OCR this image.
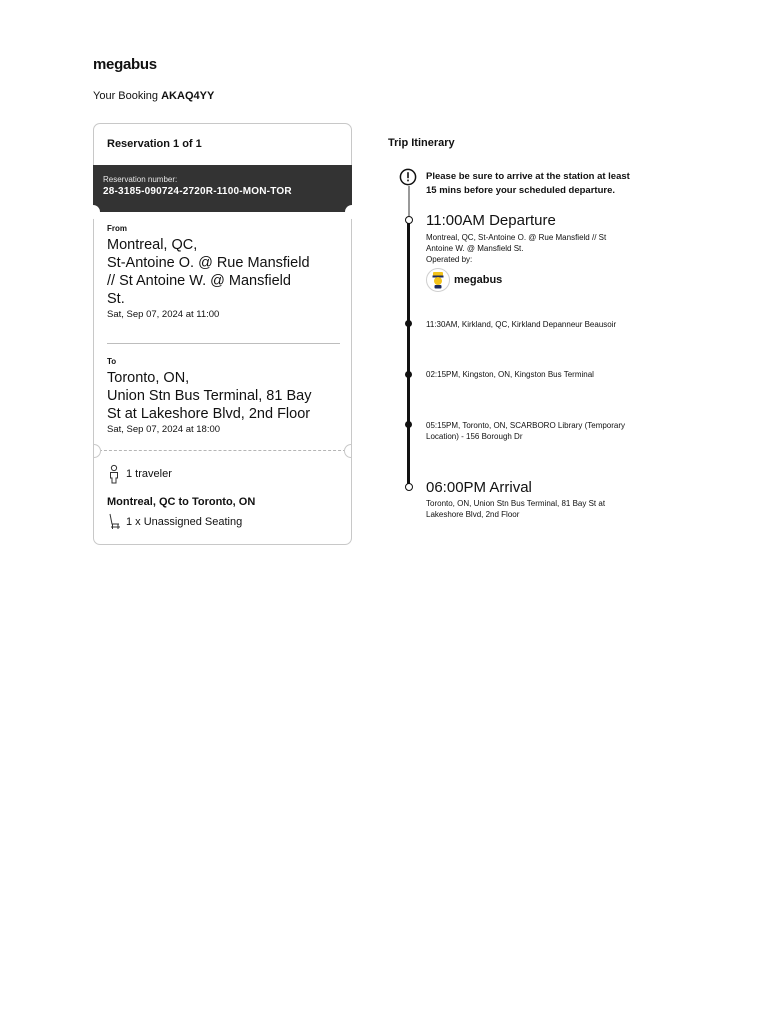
megabus
Your Booking AKAQ4YY
Reservation 1 of 1
Reservation number:
28-3185-090724-2720R-1100-MON-TOR
From
Montreal, QC,
St-Antoine O. @ Rue Mansfield
// St Antoine W. @ Mansfield
St.
Sat, Sep 07, 2024 at 11:00
To
Toronto, ON,
Union Stn Bus Terminal, 81 Bay
St at Lakeshore Blvd, 2nd Floor
Sat, Sep 07, 2024 at 18:00
1 traveler
Montreal, QC to Toronto, ON
1 x Unassigned Seating
Trip Itinerary
Please be sure to arrive at the station at least
15 mins before your scheduled departure.
11:00AM Departure
Montreal, QC, St-Antoine O. @ Rue Mansfield // St
Antoine W. @ Mansfield St.
Operated by:
megabus
11:30AM, Kirkland, QC, Kirkland Depanneur Beausoir
02:15PM, Kingston, ON, Kingston Bus Terminal
05:15PM, Toronto, ON, SCARBORO Library (Temporary
Location) - 156 Borough Dr
06:00PM Arrival
Toronto, ON, Union Stn Bus Terminal, 81 Bay St at
Lakeshore Blvd, 2nd Floor
